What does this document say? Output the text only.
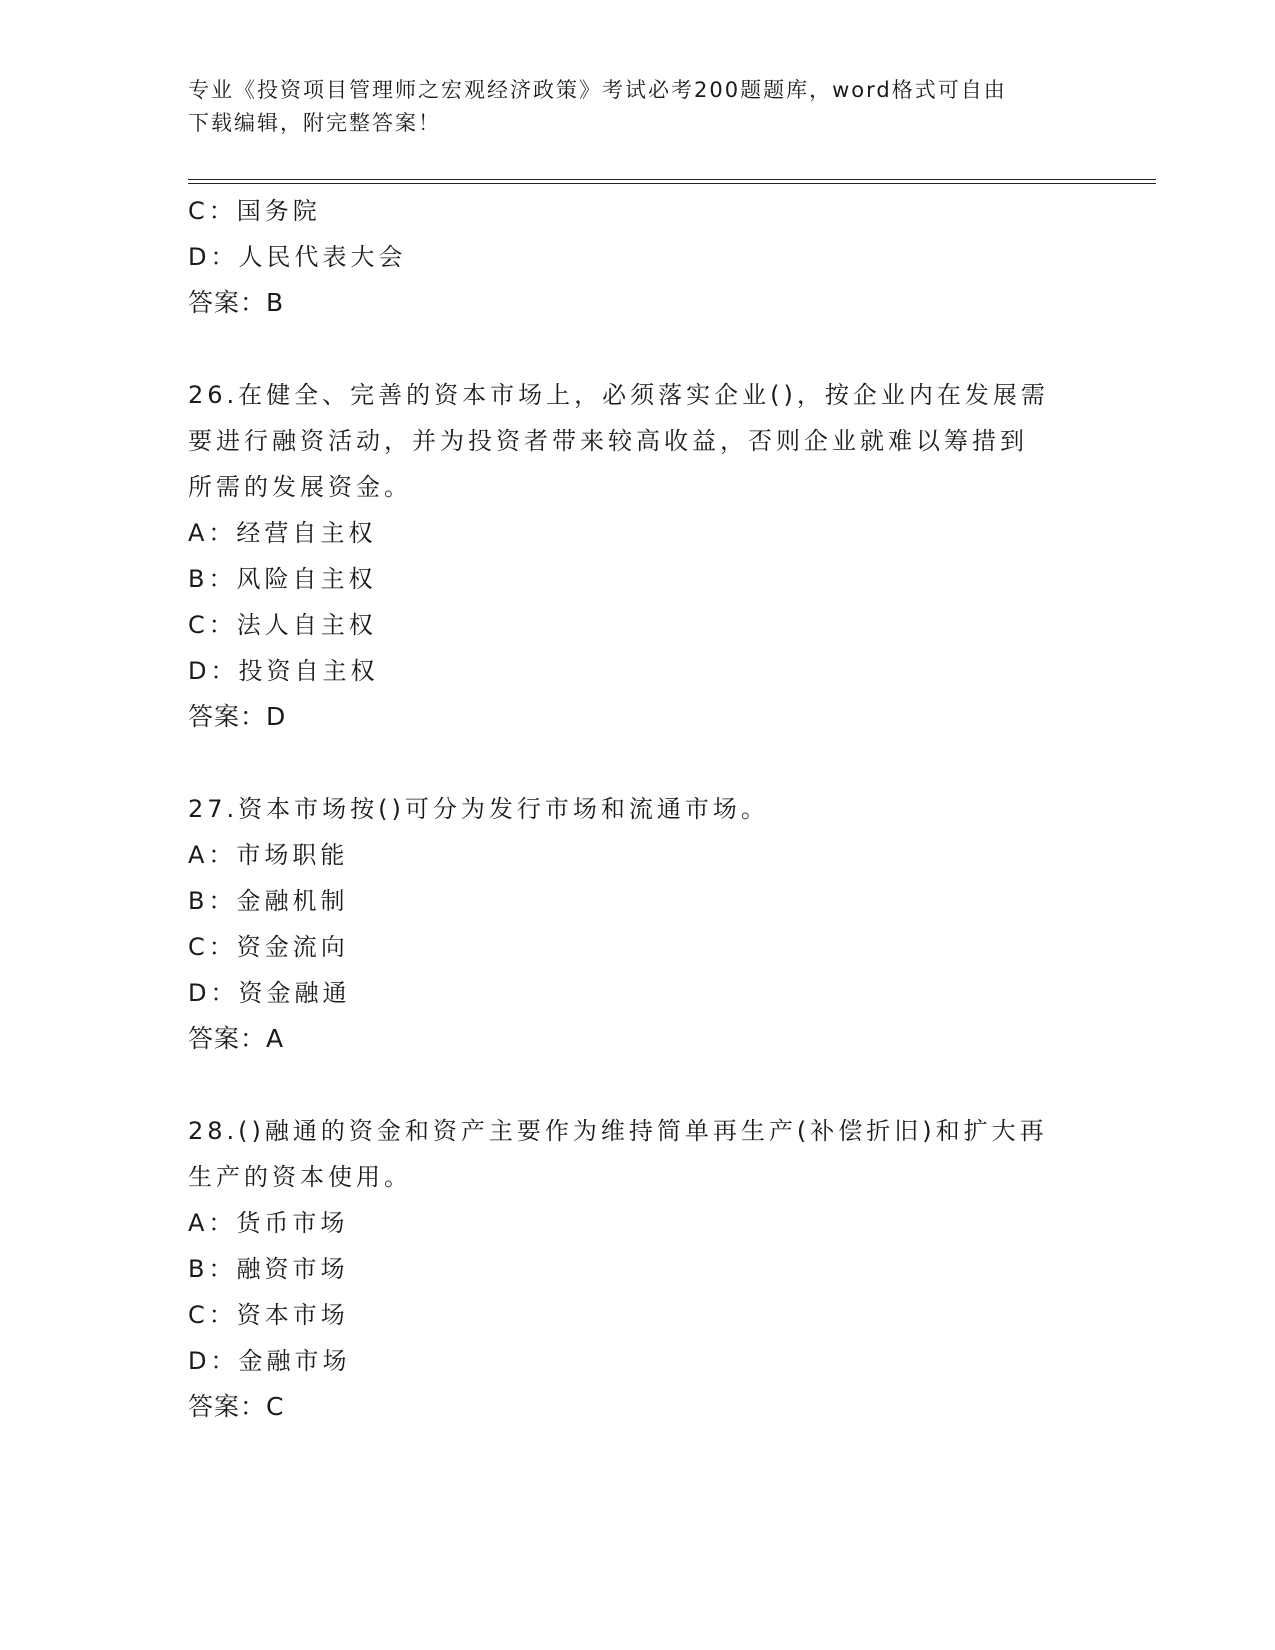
专业《投资项目管理师之宏观经济政策》考试必考200题题库，word格式可自由
下载编辑，附完整答案！
C：国务院
D：人民代表大会
答案：B
26.在健全、完善的资本市场上，必须落实企业()，按企业内在发展需
要进行融资活动，并为投资者带来较高收益，否则企业就难以筹措到
所需的发展资金。
A：经营自主权
B：风险自主权
C：法人自主权
D：投资自主权
答案：D
27.资本市场按()可分为发行市场和流通市场。
A：市场职能
B：金融机制
C：资金流向
D：资金融通
答案：A
28.()融通的资金和资产主要作为维持简单再生产(补偿折旧)和扩大再
生产的资本使用。
A：货币市场
B：融资市场
C：资本市场
D：金融市场
答案：C
